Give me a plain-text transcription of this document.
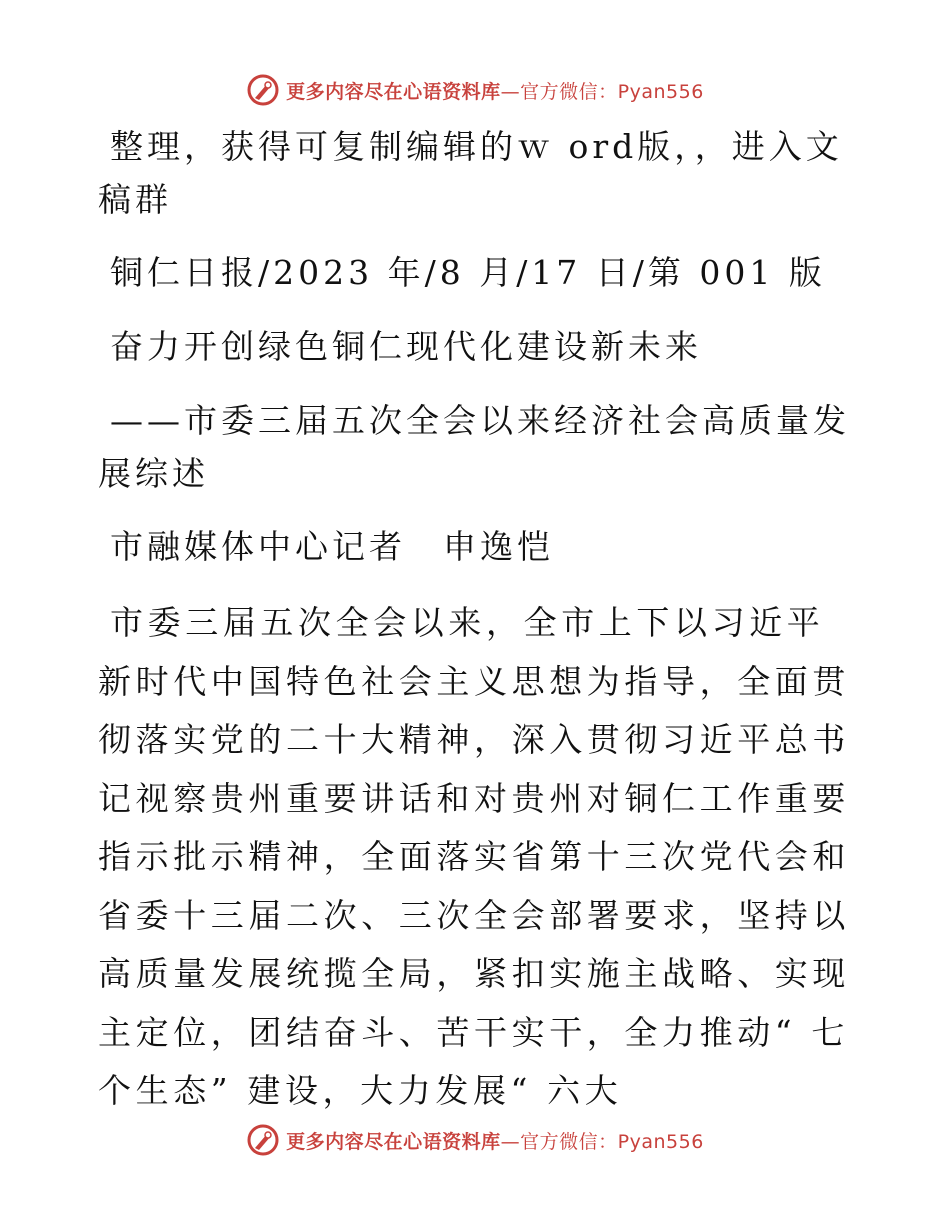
更多内容尽在心语资料库—官方微信：Pyan556

整理，获得可复制编辑的ｗ ord版，，进入文稿群

铜仁日报/2023 年/8 月/17 日/第 001 版

奋力开创绿色铜仁现代化建设新未来

——市委三届五次全会以来经济社会高质量发展综述

市融媒体中心记者　申逸恺

市委三届五次全会以来，全市上下以习近平新时代中国特色社会主义思想为指导，全面贯彻落实党的二十大精神，深入贯彻习近平总书记视察贵州重要讲话和对贵州对铜仁工作重要指示批示精神，全面落实省第十三次党代会和省委十三届二次、三次全会部署要求，坚持以高质量发展统揽全局，紧扣实施主战略、实现主定位，团结奋斗、苦干实干，全力推动“ 七个生态” 建设，大力发展“ 六大

更多内容尽在心语资料库—官方微信：Pyan556
